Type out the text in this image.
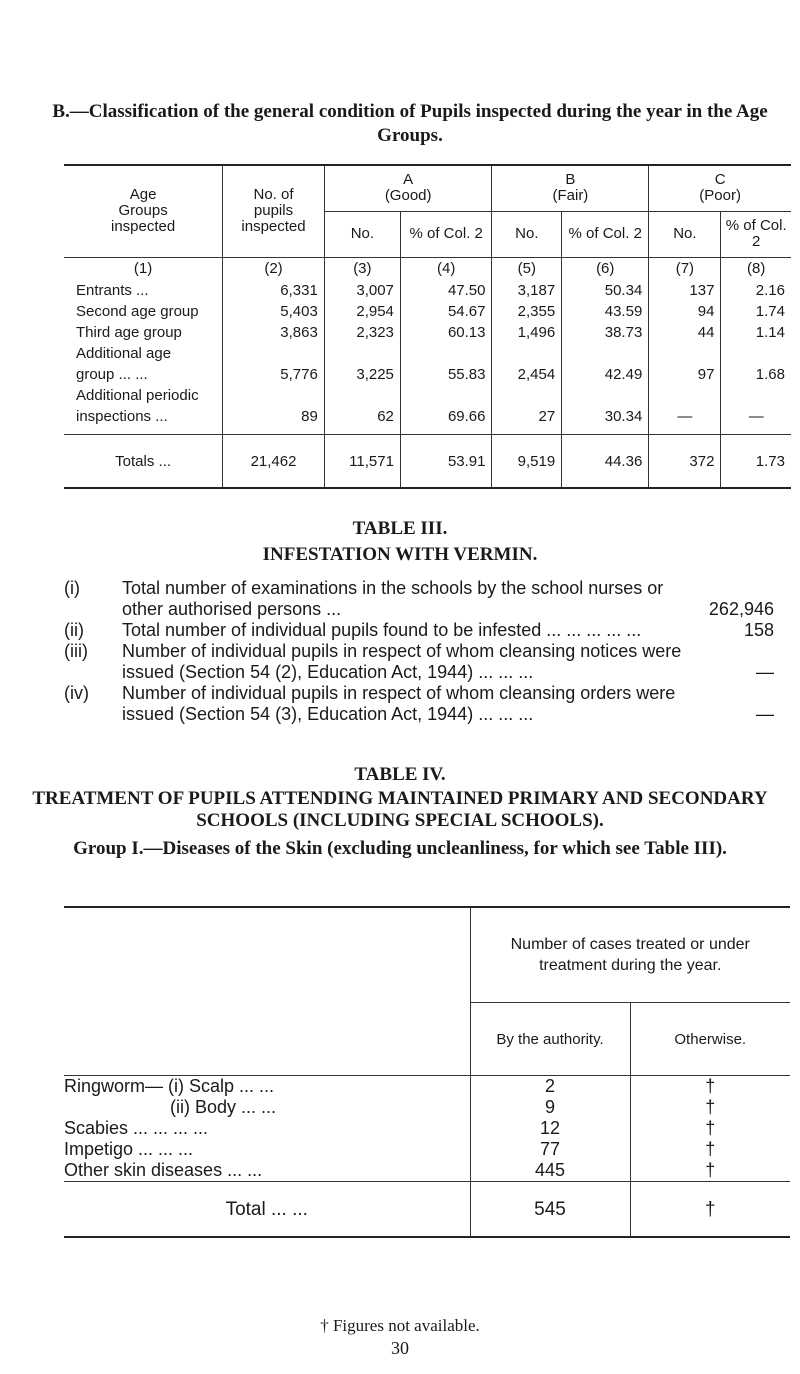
B.—Classification of the general condition of Pupils inspected during the year in the Age Groups.
Age Groups inspected	No. of pupils inspected	A (Good)		B (Fair)		C (Poor)	
		No.	% of Col. 2	No.	% of Col. 2	No.	% of Col. 2
(1)	(2)	(3)	(4)	(5)	(6)	(7)	(8)
Entrants ...	6,331	3,007	47.50	3,187	50.34	137	2.16
Second age group	5,403	2,954	54.67	2,355	43.59	94	1.74
Third age group	3,863	2,323	60.13	1,496	38.73	44	1.14
Additional age							
group ... ...	5,776	3,225	55.83	2,454	42.49	97	1.68
Additional periodic							
inspections ...	89	62	69.66	27	30.34	—	—

Totals ...	21,462	11,571	53.91	9,519	44.36	372	1.73
TABLE III.
INFESTATION WITH VERMIN.
(i)	Total number of examinations in the schools by the school nurses or other authorised persons ...	262,946
(ii)	Total number of individual pupils found to be infested ... ... ... ... ...	158
(iii)	Number of individual pupils in respect of whom cleansing notices were issued (Section 54 (2), Education Act, 1944) ... ... ...	—
(iv)	Number of individual pupils in respect of whom cleansing orders were issued (Section 54 (3), Education Act, 1944) ... ... ...	—
TABLE IV.
TREATMENT OF PUPILS ATTENDING MAINTAINED PRIMARY AND SECONDARY SCHOOLS (INCLUDING SPECIAL SCHOOLS).
Group I.—Diseases of the Skin (excluding uncleanliness, for which see Table III).
	Number of cases treated or under treatment during the year.	
	By the authority.	Otherwise.
Ringworm— (i) Scalp ... ...	2	†
(ii) Body ... ...	9	†
Scabies ... ... ... ...	12	†
Impetigo ... ... ...	77	†
Other skin diseases ... ...	445	†
Total ... ...	545	†
† Figures not available.
30
